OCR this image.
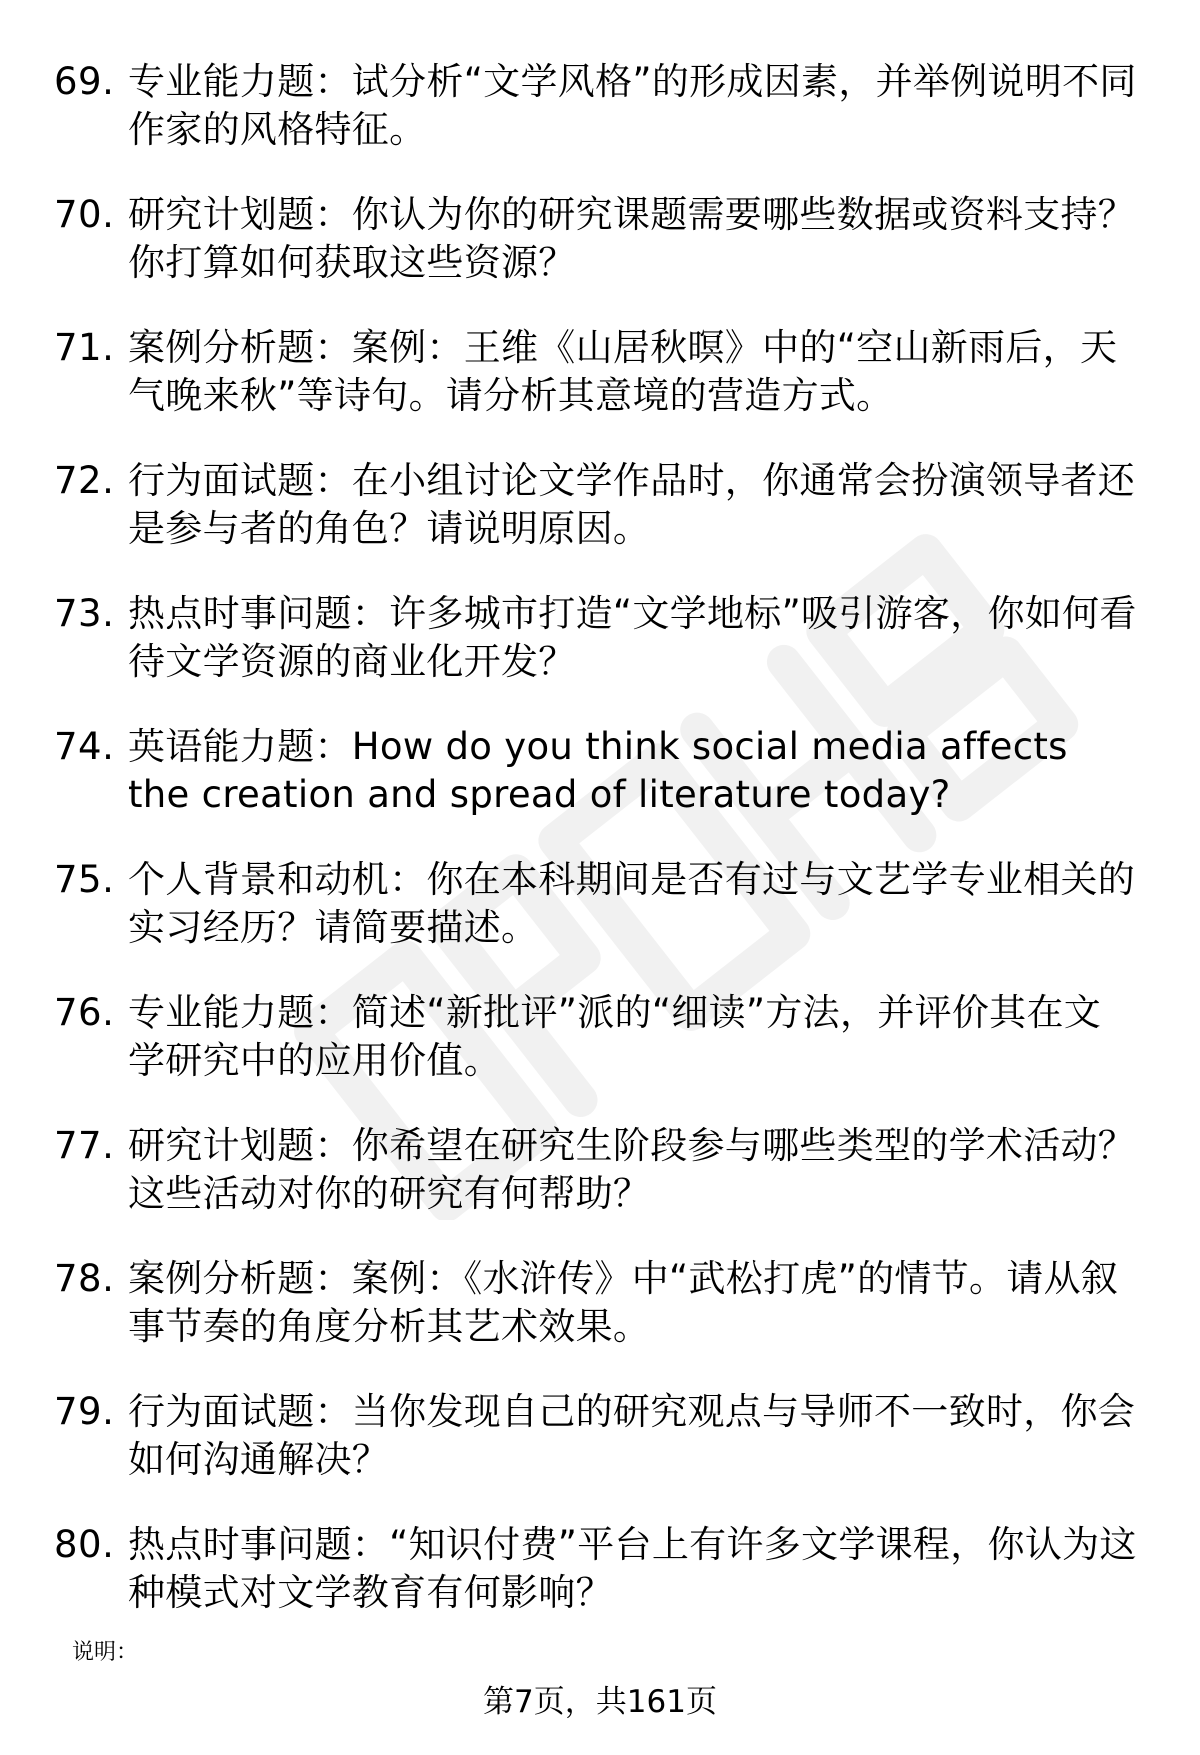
69. 专业能力题：试分析“文学风格”的形成因素，并举例说明不同作家的风格特征。
70. 研究计划题：你认为你的研究课题需要哪些数据或资料支持？你打算如何获取这些资源？
71. 案例分析题：案例：王维《山居秋暝》中的“空山新雨后，天气晚来秋”等诗句。请分析其意境的营造方式。
72. 行为面试题：在小组讨论文学作品时，你通常会扮演领导者还是参与者的角色？请说明原因。
73. 热点时事问题：许多城市打造“文学地标”吸引游客，你如何看待文学资源的商业化开发？
74. 英语能力题：How do you think social media affects the creation and spread of literature today?
75. 个人背景和动机：你在本科期间是否有过与文艺学专业相关的实习经历？请简要描述。
76. 专业能力题：简述“新批评”派的“细读”方法，并评价其在文学研究中的应用价值。
77. 研究计划题：你希望在研究生阶段参与哪些类型的学术活动？这些活动对你的研究有何帮助？
78. 案例分析题：案例：《水浒传》中“武松打虎”的情节。请从叙事节奏的角度分析其艺术效果。
79. 行为面试题：当你发现自己的研究观点与导师不一致时，你会如何沟通解决？
80. 热点时事问题：“知识付费”平台上有许多文学课程，你认为这种模式对文学教育有何影响？
说明：
第7页，共161页
